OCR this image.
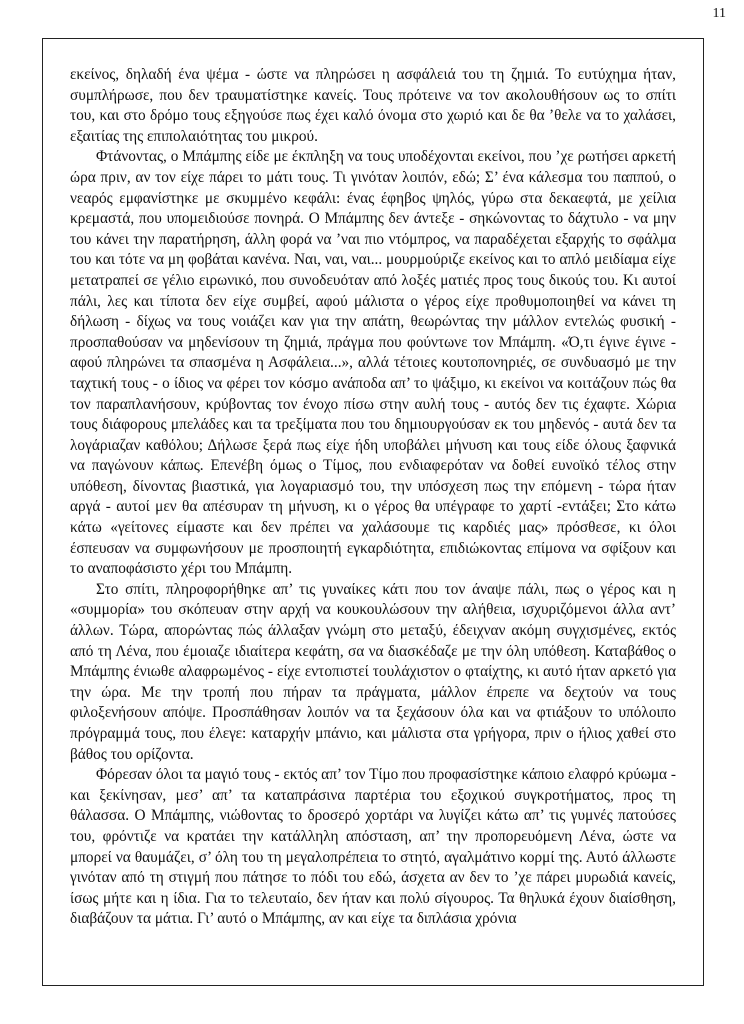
11

εκείνος, δηλαδή ένα ψέμα - ώστε να πληρώσει η ασφάλειά του τη ζημιά. Το ευτύχημα ήταν, συμπλήρωσε, που δεν τραυματίστηκε κανείς. Τους πρότεινε να τον ακολουθήσουν ως το σπίτι του, και στο δρόμο τους εξηγούσε πως έχει καλό όνομα στο χωριό και δε θα ’θελε να το χαλάσει, εξαιτίας της επιπολαιότητας του μικρού.

Φτάνοντας, ο Μπάμπης είδε με έκπληξη να τους υποδέχονται εκείνοι, που ’χε ρωτήσει αρκετή ώρα πριν, αν τον είχε πάρει το μάτι τους. Τι γινόταν λοιπόν, εδώ; Σ’ ένα κάλεσμα του παππού, ο νεαρός εμφανίστηκε με σκυμμένο κεφάλι: ένας έφηβος ψηλός, γύρω στα δεκαεφτά, με χείλια κρεμαστά, που υπομειδιούσε πονηρά. Ο Μπάμπης δεν άντεξε - σηκώνοντας το δάχτυλο - να μην του κάνει την παρατήρηση, άλλη φορά να ’ναι πιο ντόμπρος, να παραδέχεται εξαρχής το σφάλμα του και τότε να μη φοβάται κανένα. Ναι, ναι, ναι... μουρμούριζε εκείνος και το απλό μειδίαμα είχε μετατραπεί σε γέλιο ειρωνικό, που συνοδευόταν από λοξές ματιές προς τους δικούς του. Κι αυτοί πάλι, λες και τίποτα δεν είχε συμβεί, αφού μάλιστα ο γέρος είχε προθυμοποιηθεί να κάνει τη δήλωση - δίχως να τους νοιάζει καν για την απάτη, θεωρώντας την μάλλον εντελώς φυσική - προσπαθούσαν να μηδενίσουν τη ζημιά, πράγμα που φούντωνε τον Μπάμπη. «Ό,τι έγινε έγινε - αφού πληρώνει τα σπασμένα η Ασφάλεια...», αλλά τέτοιες κουτοπονηριές, σε συνδυασμό με την ταχτική τους - ο ίδιος να φέρει τον κόσμο ανάποδα απ’ το ψάξιμο, κι εκείνοι να κοιτάζουν πώς θα τον παραπλανήσουν, κρύβοντας τον ένοχο πίσω στην αυλή τους - αυτός δεν τις έχαφτε. Χώρια τους διάφορους μπελάδες και τα τρεξίματα που του δημιουργούσαν εκ του μηδενός - αυτά δεν τα λογάριαζαν καθόλου; Δήλωσε ξερά πως είχε ήδη υποβάλει μήνυση και τους είδε όλους ξαφνικά να παγώνουν κάπως. Επενέβη όμως ο Τίμος, που ενδιαφερόταν να δοθεί ευνοϊκό τέλος στην υπόθεση, δίνοντας βιαστικά, για λογαριασμό του, την υπόσχεση πως την επόμενη - τώρα ήταν αργά - αυτοί μεν θα απέσυραν τη μήνυση, κι ο γέρος θα υπέγραφε το χαρτί -εντάξει; Στο κάτω κάτω «γείτονες είμαστε και δεν πρέπει να χαλάσουμε τις καρδιές μας» πρόσθεσε, κι όλοι έσπευσαν να συμφωνήσουν με προσποιητή εγκαρδιότητα, επιδιώκοντας επίμονα να σφίξουν και το αναποφάσιστο χέρι του Μπάμπη.

Στο σπίτι, πληροφορήθηκε απ’ τις γυναίκες κάτι που τον άναψε πάλι, πως ο γέρος και η «συμμορία» του σκόπευαν στην αρχή να κουκουλώσουν την αλήθεια, ισχυριζόμενοι άλλα αντ’ άλλων. Τώρα, απορώντας πώς άλλαξαν γνώμη στο μεταξύ, έδειχναν ακόμη συγχισμένες, εκτός από τη Λένα, που έμοιαζε ιδιαίτερα κεφάτη, σα να διασκέδαζε με την όλη υπόθεση. Καταβάθος ο Μπάμπης ένιωθε αλαφρωμένος - είχε εντοπιστεί τουλάχιστον ο φταίχτης, κι αυτό ήταν αρκετό για την ώρα. Με την τροπή που πήραν τα πράγματα, μάλλον έπρεπε να δεχτούν να τους φιλοξενήσουν απόψε. Προσπάθησαν λοιπόν να τα ξεχάσουν όλα και να φτιάξουν το υπόλοιπο πρόγραμμά τους, που έλεγε: καταρχήν μπάνιο, και μάλιστα στα γρήγορα, πριν ο ήλιος χαθεί στο βάθος του ορίζοντα.

Φόρεσαν όλοι τα μαγιό τους - εκτός απ’ τον Τίμο που προφασίστηκε κάποιο ελαφρό κρύωμα - και ξεκίνησαν, μεσ’ απ’ τα καταπράσινα παρτέρια του εξοχικού συγκροτήματος, προς τη θάλασσα. Ο Μπάμπης, νιώθοντας το δροσερό χορτάρι να λυγίζει κάτω απ’ τις γυμνές πατούσες του, φρόντιζε να κρατάει την κατάλληλη απόσταση, απ’ την προπορευόμενη Λένα, ώστε να μπορεί να θαυμάζει, σ’ όλη του τη μεγαλοπρέπεια το στητό, αγαλμάτινο κορμί της. Αυτό άλλωστε γινόταν από τη στιγμή που πάτησε το πόδι του εδώ, άσχετα αν δεν το ’χε πάρει μυρωδιά κανείς, ίσως μήτε και η ίδια. Για το τελευταίο, δεν ήταν και πολύ σίγουρος. Τα θηλυκά έχουν διαίσθηση, διαβάζουν τα μάτια. Γι’ αυτό ο Μπάμπης, αν και είχε τα διπλάσια χρόνια
